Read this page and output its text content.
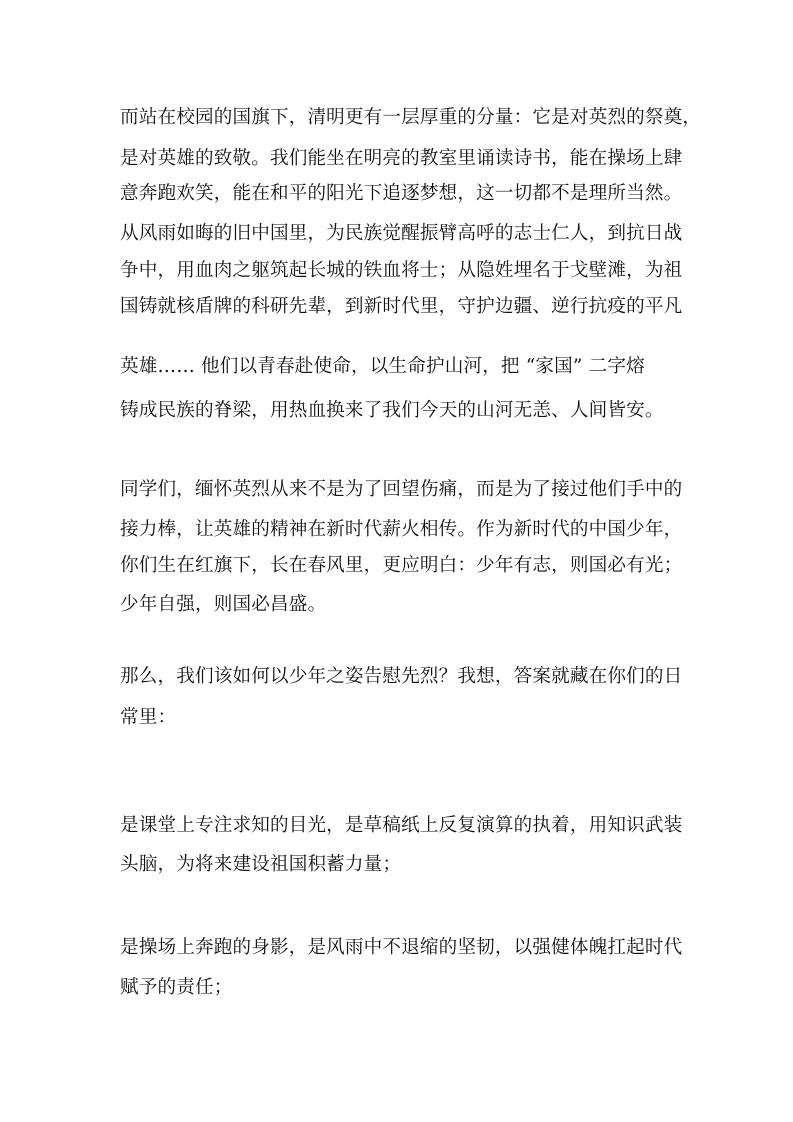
而站在校园的国旗下，清明更有一层厚重的分量：它是对英烈的祭奠，
是对英雄的致敬。我们能坐在明亮的教室里诵读诗书，能在操场上肆
意奔跑欢笑，能在和平的阳光下追逐梦想，这一切都不是理所当然。
从风雨如晦的旧中国里，为民族觉醒振臂高呼的志士仁人，到抗日战
争中，用血肉之躯筑起长城的铁血将士；从隐姓埋名于戈壁滩，为祖
国铸就核盾牌的科研先辈，到新时代里，守护边疆、逆行抗疫的平凡
英雄…… 他们以青春赴使命，以生命护山河，把 “家国” 二字熔
铸成民族的脊梁，用热血换来了我们今天的山河无恙、人间皆安。
同学们，缅怀英烈从来不是为了回望伤痛，而是为了接过他们手中的
接力棒，让英雄的精神在新时代薪火相传。作为新时代的中国少年，
你们生在红旗下，长在春风里，更应明白：少年有志，则国必有光；
少年自强，则国必昌盛。
那么，我们该如何以少年之姿告慰先烈？我想，答案就藏在你们的日
常里：
是课堂上专注求知的目光，是草稿纸上反复演算的执着，用知识武装
头脑，为将来建设祖国积蓄力量；
是操场上奔跑的身影，是风雨中不退缩的坚韧，以强健体魄扛起时代
赋予的责任；
